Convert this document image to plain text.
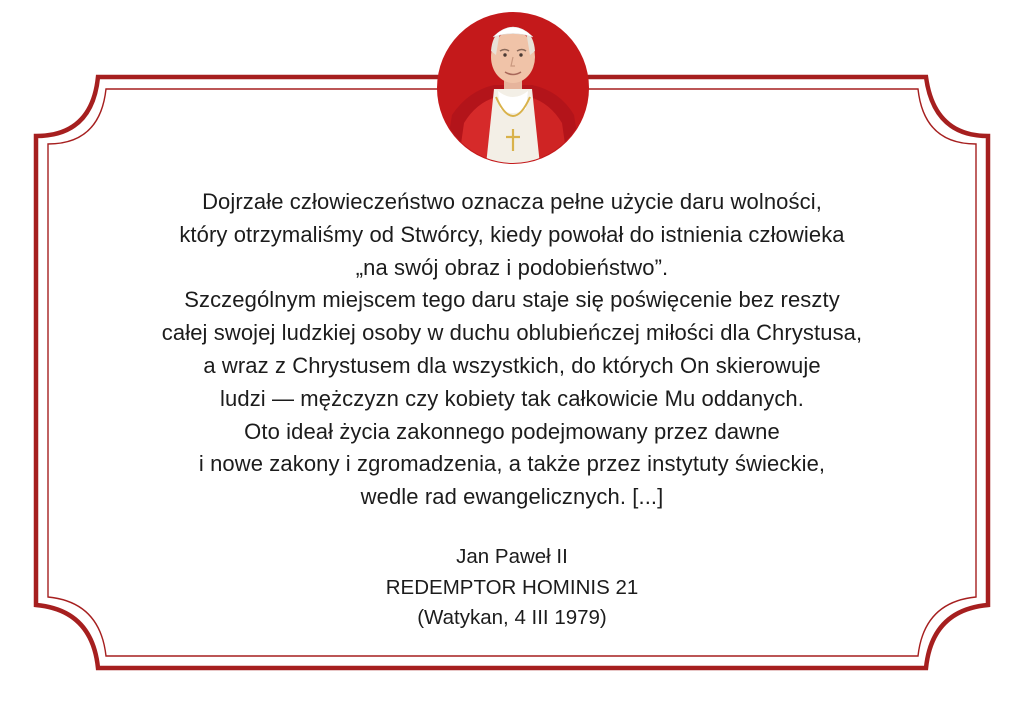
Dojrzałe człowieczeństwo oznacza pełne użycie daru wolności,
który otrzymaliśmy od Stwórcy, kiedy powołał do istnienia człowieka
„na swój obraz i podobieństwo”.
Szczególnym miejscem tego daru staje się poświęcenie bez reszty
całej swojej ludzkiej osoby w duchu oblubieńczej miłości dla Chrystusa,
a wraz z Chrystusem dla wszystkich, do których On skierowuje
ludzi — mężczyzn czy kobiety tak całkowicie Mu oddanych.
Oto ideał życia zakonnego podejmowany przez dawne
i nowe zakony i zgromadzenia, a także przez instytuty świeckie,
wedle rad ewangelicznych. [...]
Jan Paweł II
REDEMPTOR HOMINIS 21
(Watykan, 4 III 1979)
